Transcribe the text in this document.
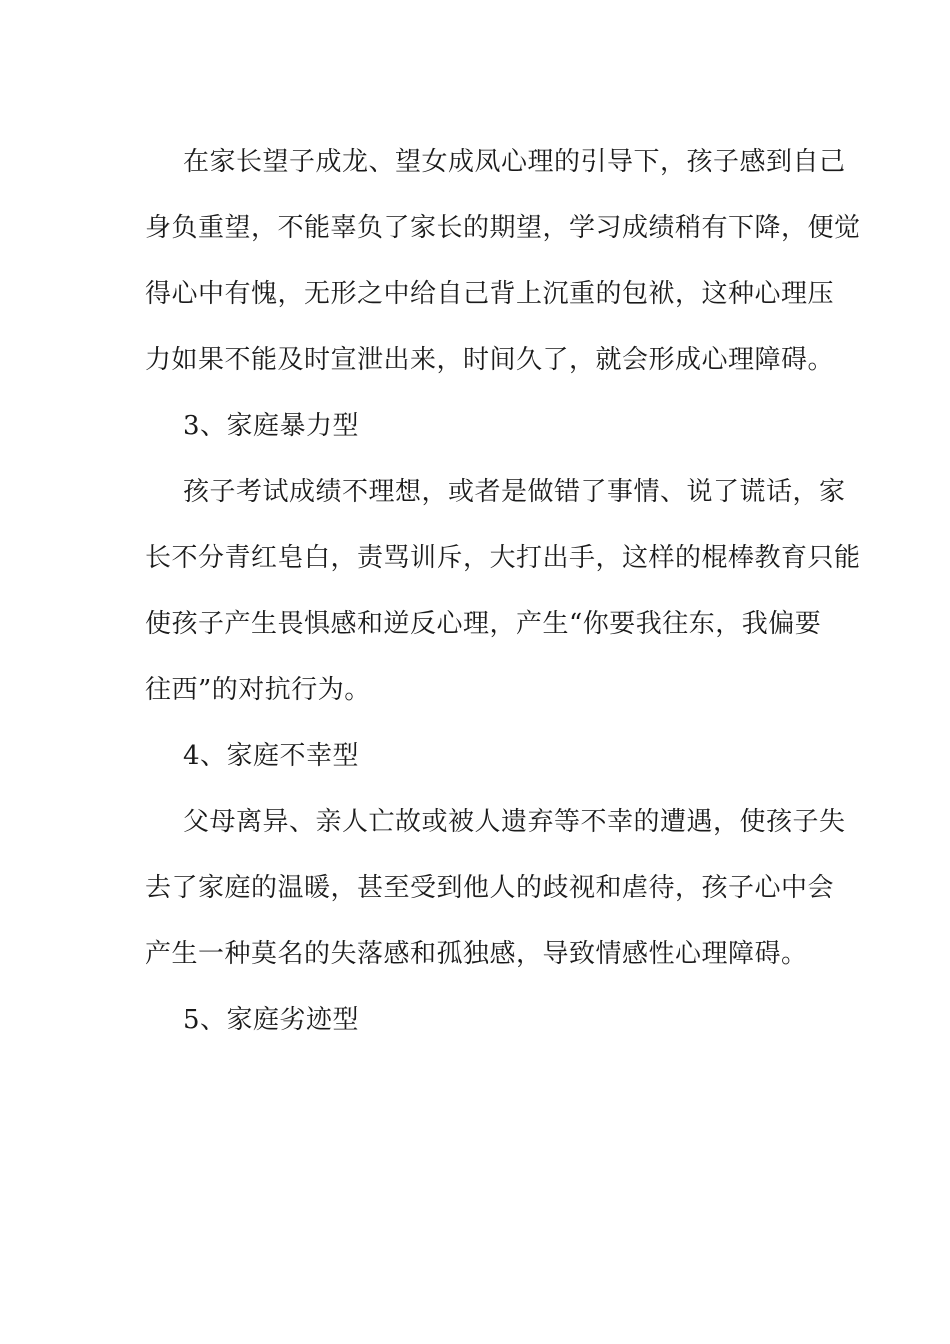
在家长望子成龙、望女成凤心理的引导下，孩子感到自己
身负重望，不能辜负了家长的期望，学习成绩稍有下降，便觉
得心中有愧，无形之中给自己背上沉重的包袱，这种心理压
力如果不能及时宣泄出来，时间久了，就会形成心理障碍。

3、家庭暴力型

孩子考试成绩不理想，或者是做错了事情、说了谎话，家
长不分青红皂白，责骂训斥，大打出手，这样的棍棒教育只能
使孩子产生畏惧感和逆反心理，产生“你要我往东，我偏要
往西”的对抗行为。

4、家庭不幸型

父母离异、亲人亡故或被人遗弃等不幸的遭遇，使孩子失
去了家庭的温暖，甚至受到他人的歧视和虐待，孩子心中会
产生一种莫名的失落感和孤独感，导致情感性心理障碍。

5、家庭劣迹型
